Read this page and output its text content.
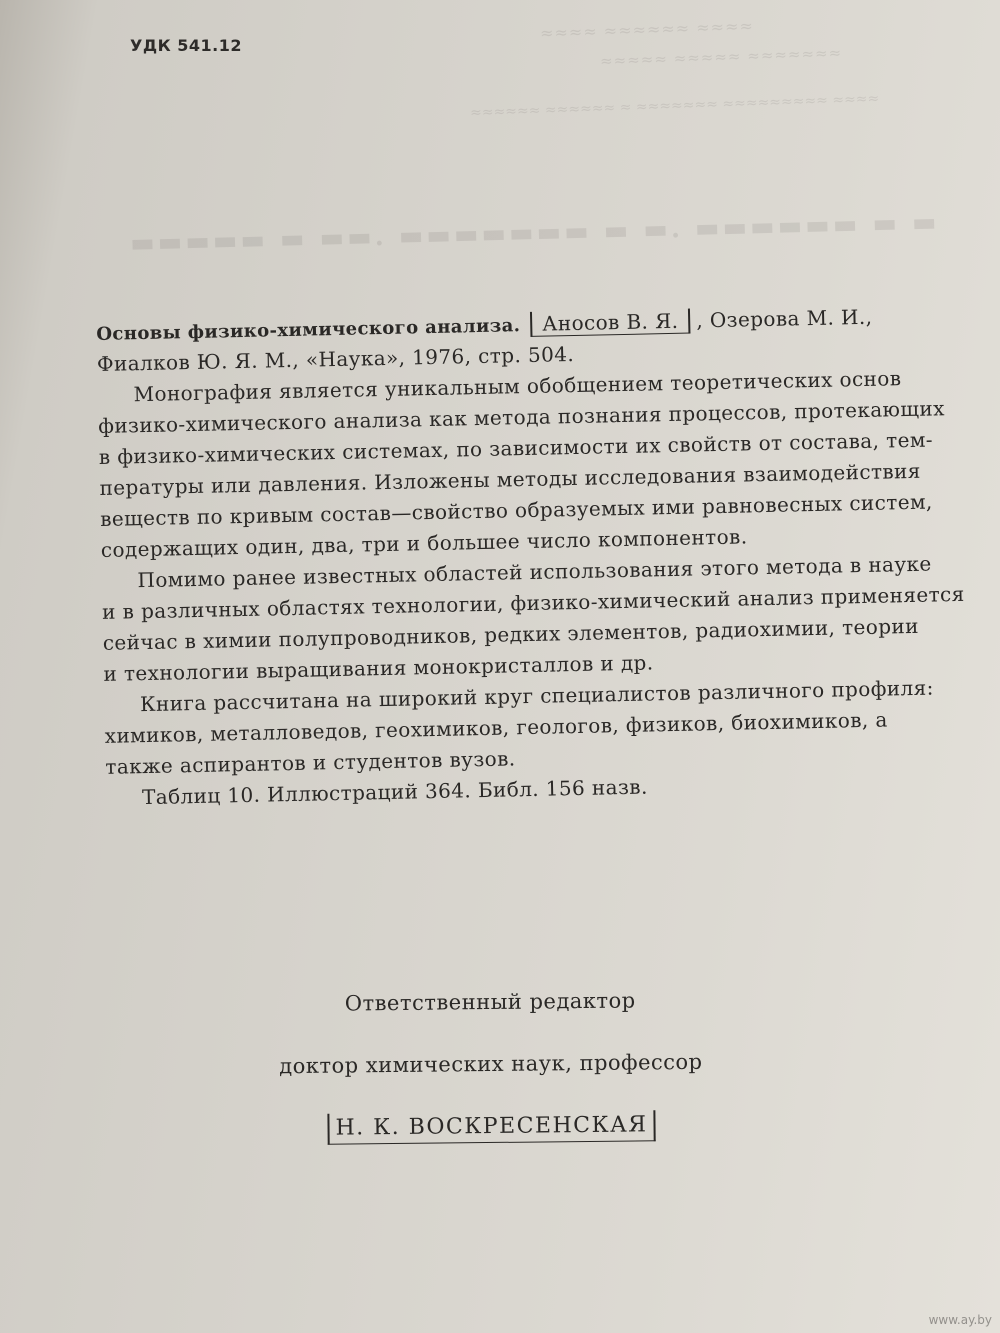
≈≈≈≈ ≈≈≈≈≈≈ ≈≈≈≈
≈≈≈≈≈ ≈≈≈≈≈ ≈≈≈≈≈≈≈
≈≈≈≈≈≈ ≈≈≈≈≈≈ ≈ ≈≈≈≈≈≈≈ ≈≈≈≈≈≈≈≈≈ ≈≈≈≈
▬▬▬▬▬ ▬ ▬▬. ▬▬▬▬▬▬▬ ▬ ▬. ▬▬▬▬▬▬ ▬ ▬
УДК 541.12
Основы физико-химического анализа. Аносов В. Я. , Озерова М. И.,
Фиалков Ю. Я. М., «Наука», 1976, стр. 504.
Монография является уникальным обобщением теоретических основ
физико-химического анализа как метода познания процессов, протекающих
в физико-химических системах, по зависимости их свойств от состава, тем-
пературы или давления. Изложены методы исследования взаимодействия
веществ по кривым состав—свойство образуемых ими равновесных систем,
содержащих один, два, три и большее число компонентов.
Помимо ранее известных областей использования этого метода в науке
и в различных областях технологии, физико-химический анализ применяется
сейчас в химии полупроводников, редких элементов, радиохимии, теории
и технологии выращивания монокристаллов и др.
Книга рассчитана на широкий круг специалистов различного профиля:
химиков, металловедов, геохимиков, геологов, физиков, биохимиков, а
также аспирантов и студентов вузов.
Таблиц 10. Иллюстраций 364. Библ. 156 назв.
Ответственный редактор
доктор химических наук, профессор
Н. К. ВОСКРЕСЕНСКАЯ
www.ay.by
